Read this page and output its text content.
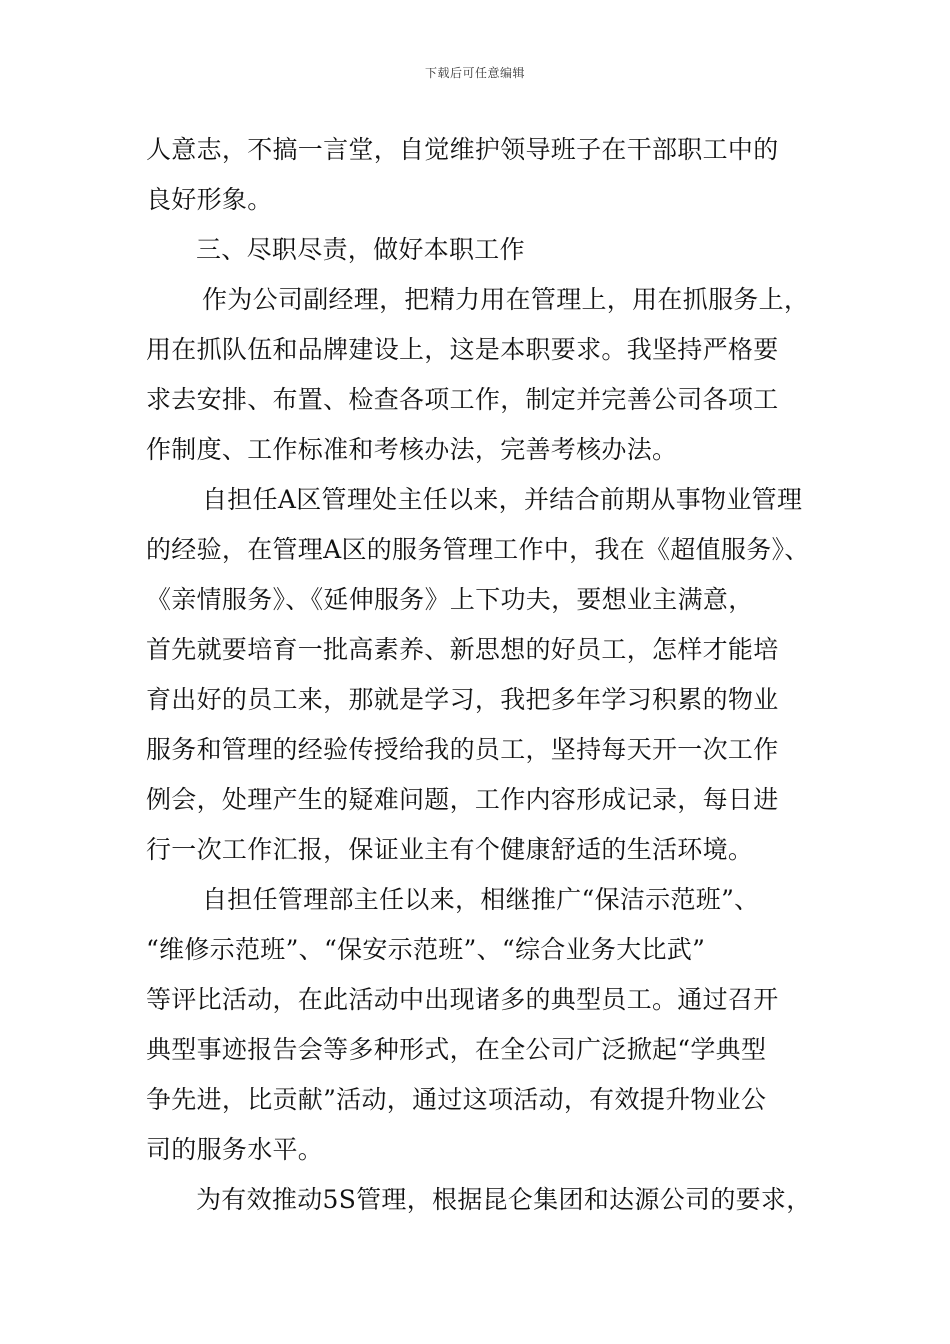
下载后可任意编辑
人意志，不搞一言堂，自觉维护领导班子在干部职工中的
良好形象。
三、尽职尽责，做好本职工作
作为公司副经理，把精力用在管理上，用在抓服务上，
用在抓队伍和品牌建设上，这是本职要求。我坚持严格要
求去安排、布置、检查各项工作，制定并完善公司各项工
作制度、工作标准和考核办法，完善考核办法。
自担任A区管理处主任以来，并结合前期从事物业管理
的经验，在管理A区的服务管理工作中，我在《超值服务》、
《亲情服务》、《延伸服务》上下功夫，要想业主满意，
首先就要培育一批高素养、新思想的好员工，怎样才能培
育出好的员工来，那就是学习，我把多年学习积累的物业
服务和管理的经验传授给我的员工，坚持每天开一次工作
例会，处理产生的疑难问题，工作内容形成记录，每日进
行一次工作汇报，保证业主有个健康舒适的生活环境。
自担任管理部主任以来，相继推广“保洁示范班”、
“维修示范班”、“保安示范班”、“综合业务大比武”
等评比活动，在此活动中出现诸多的典型员工。通过召开
典型事迹报告会等多种形式，在全公司广泛掀起“学典型
争先进，比贡献”活动，通过这项活动，有效提升物业公
司的服务水平。
为有效推动5S管理，根据昆仑集团和达源公司的要求，
